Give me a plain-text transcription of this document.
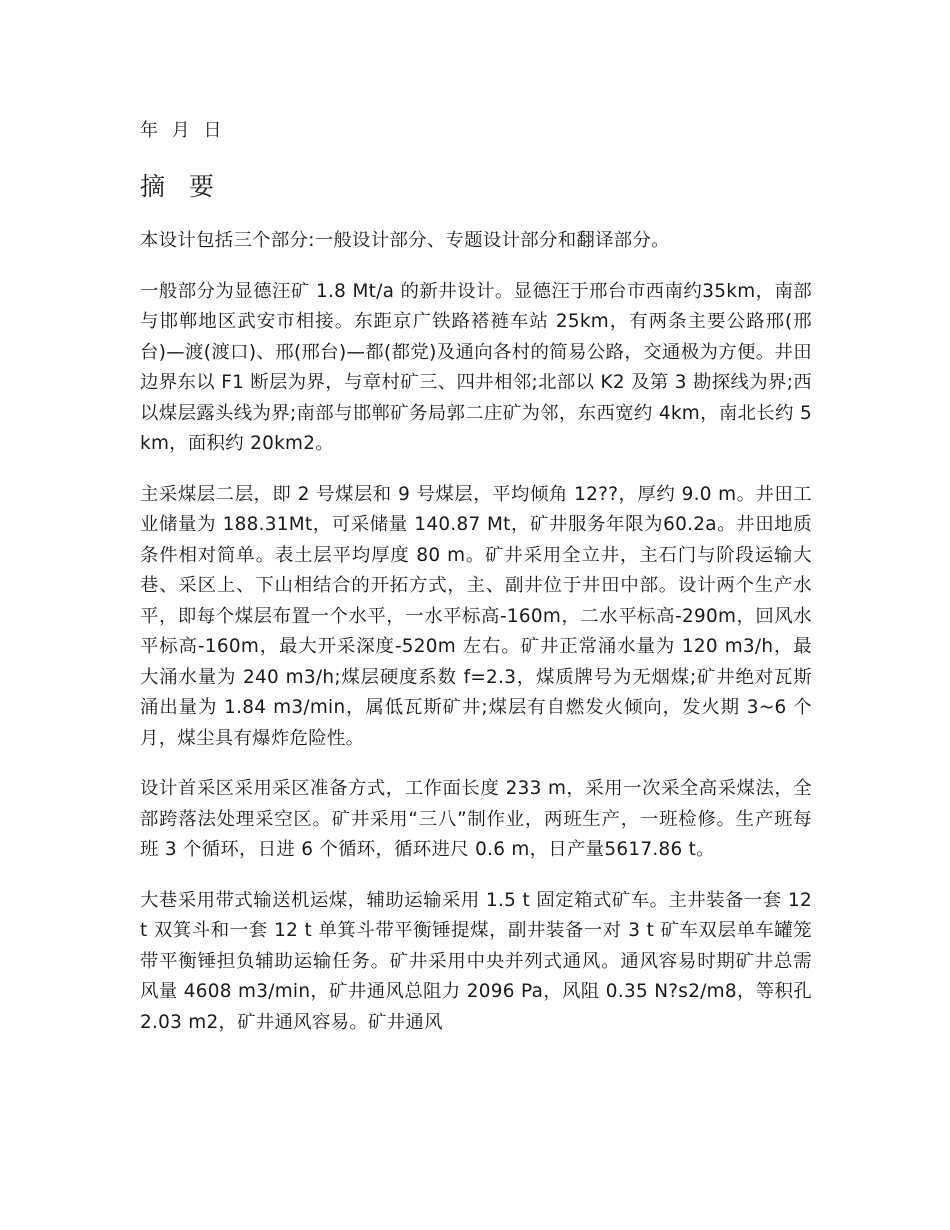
年 月 日
摘 要

本设计包括三个部分:一般设计部分、专题设计部分和翻译部分。

一般部分为显德汪矿 1.8 Mt/a 的新井设计。显德汪于邢台市西南约35km，南部与邯郸地区武安市相接。东距京广铁路褡裢车站 25km，有两条主要公路邢(邢台)—渡(渡口)、邢(邢台)—都(都党)及通向各村的简易公路，交通极为方便。井田边界东以 F1 断层为界，与章村矿三、四井相邻;北部以 K2 及第 3 勘探线为界;西以煤层露头线为界;南部与邯郸矿务局郭二庄矿为邻，东西宽约 4km，南北长约 5km，面积约 20km2。

主采煤层二层，即 2 号煤层和 9 号煤层，平均倾角 12??，厚约 9.0 m。井田工业储量为 188.31Mt，可采储量 140.87 Mt，矿井服务年限为60.2a。井田地质条件相对简单。表土层平均厚度 80 m。矿井采用全立井，主石门与阶段运输大巷、采区上、下山相结合的开拓方式，主、副井位于井田中部。设计两个生产水平，即每个煤层布置一个水平，一水平标高-160m，二水平标高-290m，回风水平标高-160m，最大开采深度-520m 左右。矿井正常涌水量为 120 m3/h，最大涌水量为 240 m3/h;煤层硬度系数 f=2.3，煤质牌号为无烟煤;矿井绝对瓦斯涌出量为 1.84 m3/min，属低瓦斯矿井;煤层有自燃发火倾向，发火期 3~6 个月，煤尘具有爆炸危险性。

设计首采区采用采区准备方式，工作面长度 233 m，采用一次采全高采煤法，全部跨落法处理采空区。矿井采用“三八”制作业，两班生产，一班检修。生产班每班 3 个循环，日进 6 个循环，循环进尺 0.6 m，日产量5617.86 t。

大巷采用带式输送机运煤，辅助运输采用 1.5 t 固定箱式矿车。主井装备一套 12 t 双箕斗和一套 12 t 单箕斗带平衡锤提煤，副井装备一对 3 t 矿车双层单车罐笼带平衡锤担负辅助运输任务。矿井采用中央并列式通风。通风容易时期矿井总需风量 4608 m3/min，矿井通风总阻力 2096 Pa，风阻 0.35 N?s2/m8，等积孔 2.03 m2，矿井通风容易。矿井通风
